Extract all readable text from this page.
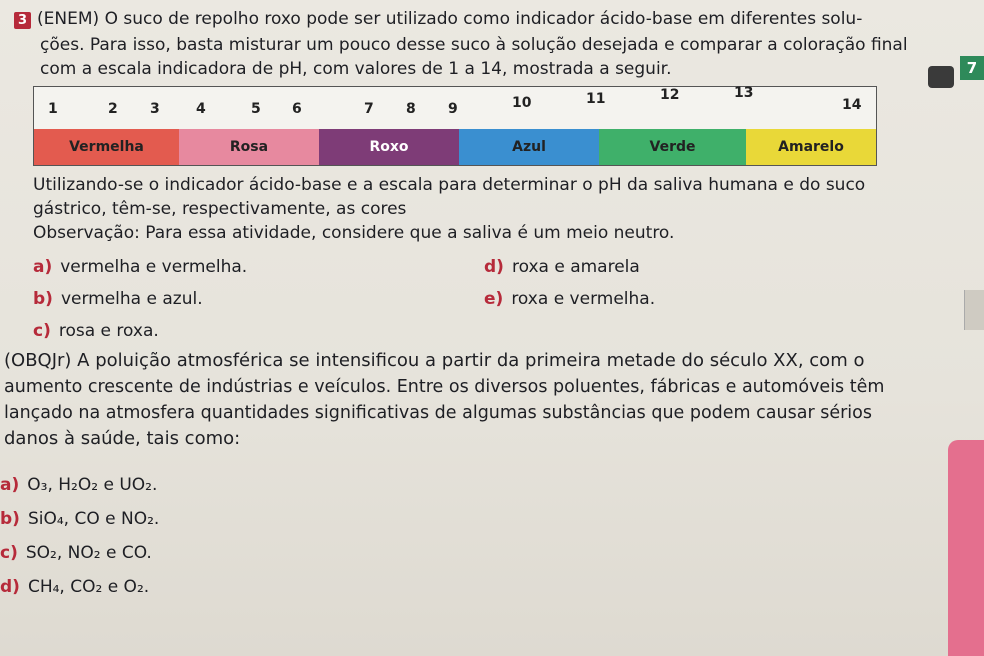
3 (ENEM) O suco de repolho roxo pode ser utilizado como indicador ácido-base em diferentes solu-
ções. Para isso, basta misturar um pouco desse suco à solução desejada e comparar a coloração final
com a escala indicadora de pH, com valores de 1 a 14, mostrada a seguir.
1	2 3	4	5 6	7 8 9	10	11	12	13
14
Vermelha	Rosa	Roxo	Azul	Verde	Amarelo
Utilizando-se o indicador ácido-base e a escala para determinar o pH da saliva humana e do suco
gástrico, têm-se, respectivamente, as cores
Observação: Para essa atividade, considere que a saliva é um meio neutro.
a) vermelha e vermelha.
b) vermelha e azul.
c) rosa e roxa.
d) roxa e amarela
e) roxa e vermelha.
(OBQJr) A poluição atmosférica se intensificou a partir da primeira metade do século XX, com o
aumento crescente de indústrias e veículos. Entre os diversos poluentes, fábricas e automóveis têm
lançado na atmosfera quantidades significativas de algumas substâncias que podem causar sérios
danos à saúde, tais como:
a) O₃, H₂O₂ e UO₂.
b) SiO₄, CO e NO₂.
c) SO₂, NO₂ e CO.
d) CH₄, CO₂ e O₂.
7
